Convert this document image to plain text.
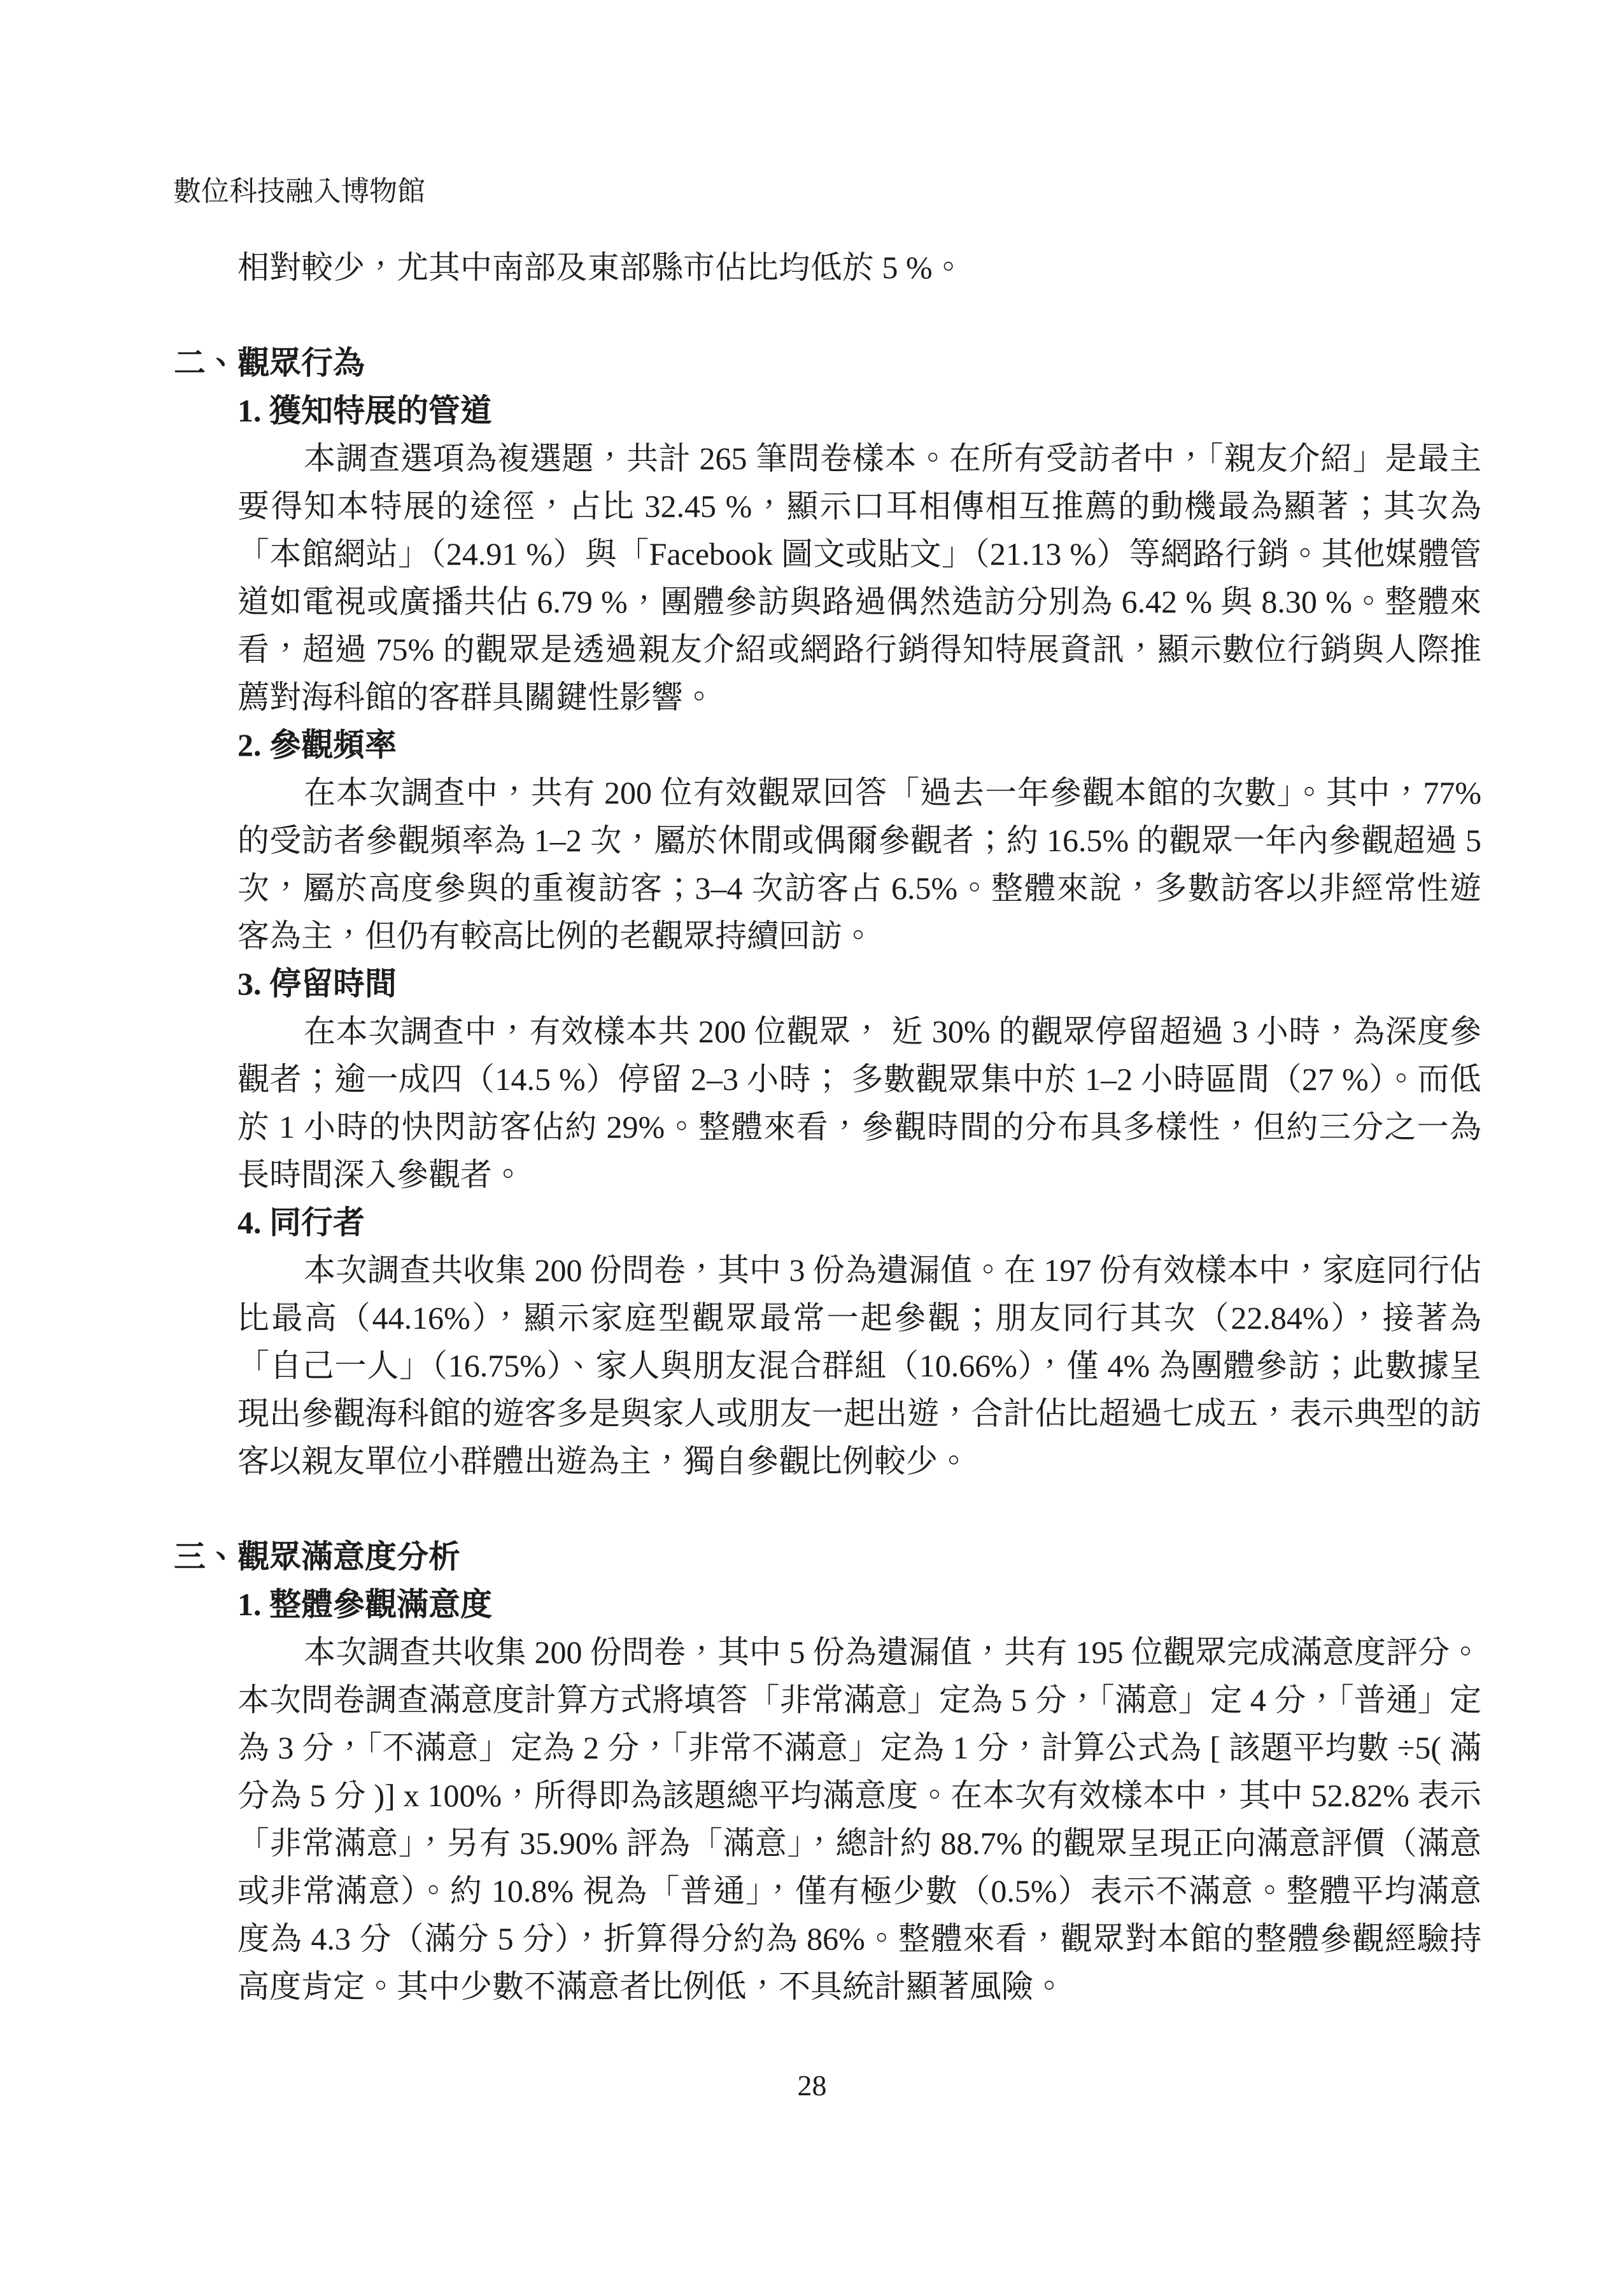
數位科技融入博物館

相對較少，尤其中南部及東部縣市佔比均低於 5 %。

二、觀眾行為
1. 獲知特展的管道

本調查選項為複選題，共計 265 筆問卷樣本。在所有受訪者中，「親友介紹」是最主要得知本特展的途徑，占比 32.45 %，顯示口耳相傳相互推薦的動機最為顯著；其次為「本館網站」（24.91 %）與「Facebook 圖文或貼文」（21.13 %）等網路行銷。其他媒體管道如電視或廣播共佔 6.79 %，團體參訪與路過偶然造訪分別為 6.42 % 與 8.30 %。整體來看，超過 75% 的觀眾是透過親友介紹或網路行銷得知特展資訊，顯示數位行銷與人際推薦對海科館的客群具關鍵性影響。

2. 參觀頻率

在本次調查中，共有 200 位有效觀眾回答「過去一年參觀本館的次數」。其中，77% 的受訪者參觀頻率為 1–2 次，屬於休閒或偶爾參觀者；約 16.5% 的觀眾一年內參觀超過 5 次，屬於高度參與的重複訪客；3–4 次訪客占 6.5%。整體來說，多數訪客以非經常性遊客為主，但仍有較高比例的老觀眾持續回訪。

3. 停留時間

在本次調查中，有效樣本共 200 位觀眾， 近 30% 的觀眾停留超過 3 小時，為深度參觀者；逾一成四（14.5 %）停留 2–3 小時； 多數觀眾集中於 1–2 小時區間（27 %）。而低於 1 小時的快閃訪客佔約 29%。整體來看，參觀時間的分布具多樣性，但約三分之一為長時間深入參觀者。

4. 同行者

本次調查共收集 200 份問卷，其中 3 份為遺漏值。在 197 份有效樣本中，家庭同行佔比最高（44.16%），顯示家庭型觀眾最常一起參觀；朋友同行其次（22.84%），接著為「自己一人」（16.75%）、家人與朋友混合群組（10.66%），僅 4% 為團體參訪；此數據呈現出參觀海科館的遊客多是與家人或朋友一起出遊，合計佔比超過七成五，表示典型的訪客以親友單位小群體出遊為主，獨自參觀比例較少。

三、觀眾滿意度分析
1. 整體參觀滿意度

本次調查共收集 200 份問卷，其中 5 份為遺漏值，共有 195 位觀眾完成滿意度評分。本次問卷調查滿意度計算方式將填答「非常滿意」定為 5 分，「滿意」定 4 分，「普通」定為 3 分，「不滿意」定為 2 分，「非常不滿意」定為 1 分，計算公式為 [ 該題平均數 ÷5( 滿分為 5 分 )] x 100%，所得即為該題總平均滿意度。在本次有效樣本中，其中 52.82% 表示「非常滿意」，另有 35.90% 評為「滿意」，總計約 88.7% 的觀眾呈現正向滿意評價（滿意或非常滿意）。約 10.8% 視為「普通」，僅有極少數（0.5%）表示不滿意。整體平均滿意度為 4.3 分（滿分 5 分），折算得分約為 86%。整體來看，觀眾對本館的整體參觀經驗持高度肯定。其中少數不滿意者比例低，不具統計顯著風險。

28
